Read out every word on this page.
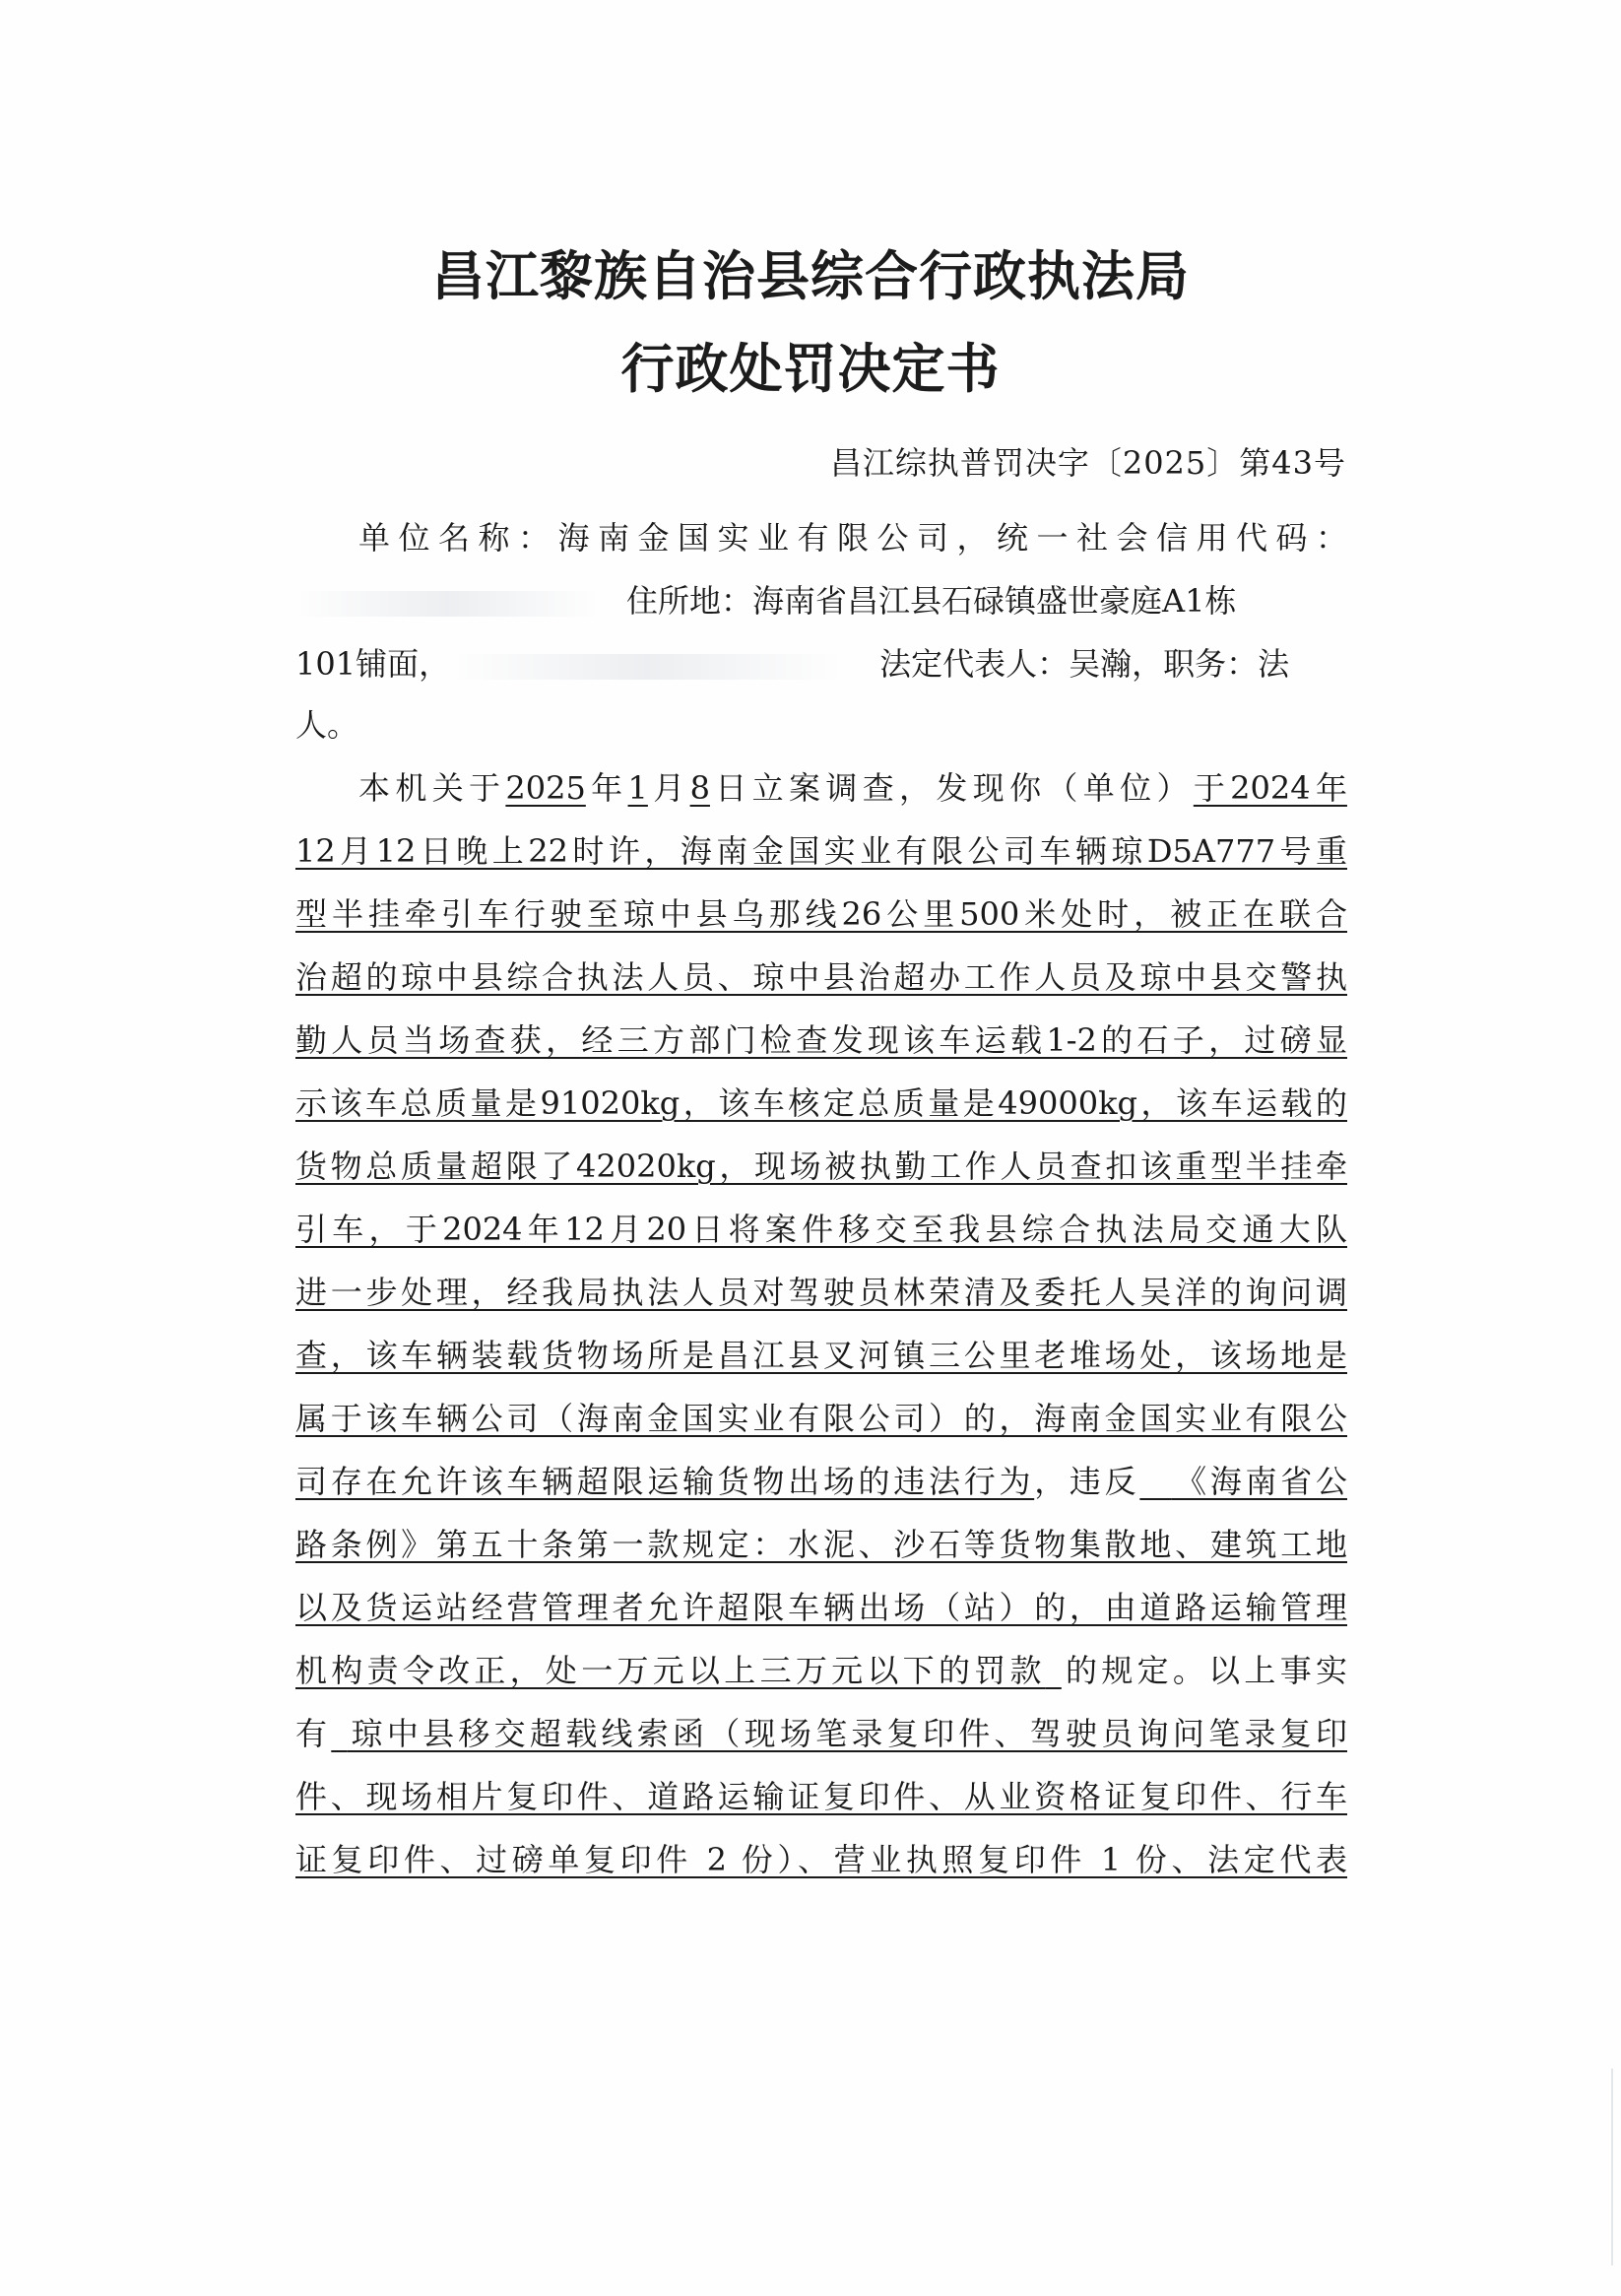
昌江黎族自治县综合行政执法局
行政处罚决定书
昌江综执普罚决字〔2025〕第43号
单位名称：海南金国实业有限公司，统一社会信用代码：
住所地：海南省昌江县石碌镇盛世豪庭A1栋
101铺面，	法定代表人：吴瀚，职务：法
人。
本机关于2025年1月8日立案调查，发现你（单位）于2024年
12月12日晚上22时许，海南金国实业有限公司车辆琼D5A777号重
型半挂牵引车行驶至琼中县乌那线26公里500米处时，被正在联合
治超的琼中县综合执法人员、琼中县治超办工作人员及琼中县交警执
勤人员当场查获，经三方部门检查发现该车运载1-2的石子，过磅显
示该车总质量是91020kg，该车核定总质量是49000kg，该车运载的
货物总质量超限了42020kg，现场被执勤工作人员查扣该重型半挂牵
引车，于2024年12月20日将案件移交至我县综合执法局交通大队
进一步处理，经我局执法人员对驾驶员林荣清及委托人吴洋的询问调
查，该车辆装载货物场所是昌江县叉河镇三公里老堆场处，该场地是
属于该车辆公司（海南金国实业有限公司）的，海南金国实业有限公
司存在允许该车辆超限运输货物出场的违法行为，违反  《海南省公
路条例》第五十条第一款规定：水泥、沙石等货物集散地、建筑工地
以及货运站经营管理者允许超限车辆出场（站）的，由道路运输管理
机构责令改正，处一万元以上三万元以下的罚款  的规定。以上事实
有  琼中县移交超载线索函（现场笔录复印件、驾驶员询问笔录复印
件、现场相片复印件、道路运输证复印件、从业资格证复印件、行车
证复印件、过磅单复印件 2 份）、营业执照复印件 1 份、法定代表
